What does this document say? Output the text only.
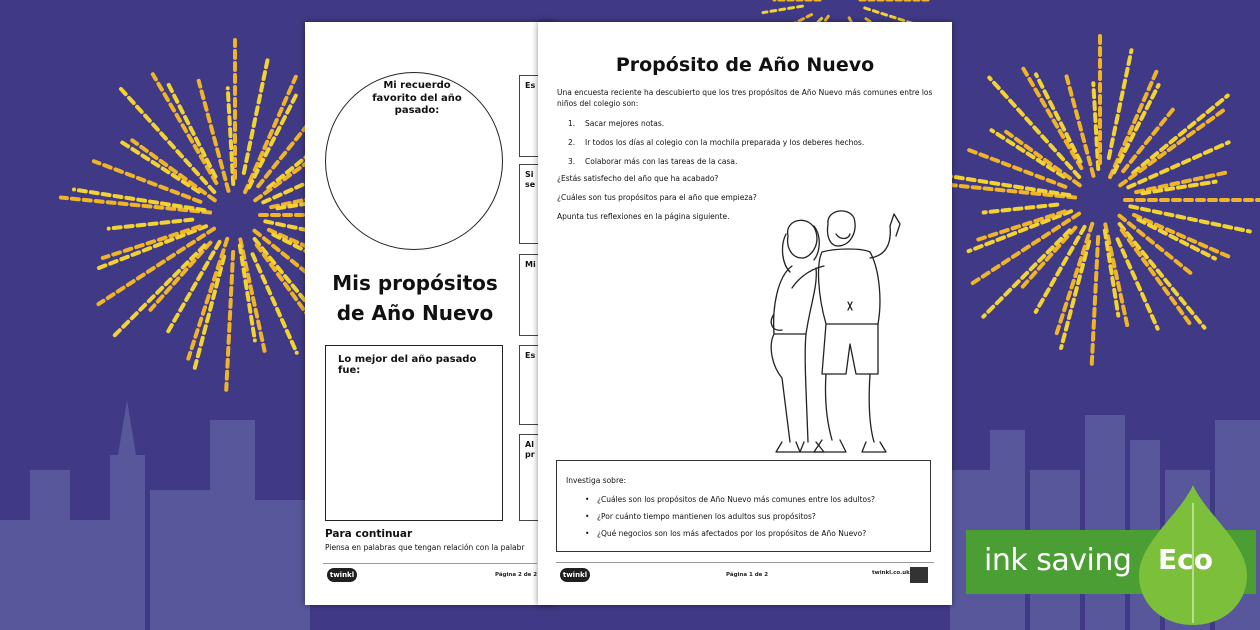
Mi recuerdo favorito del año pasado:
Mis propósitos
de Año Nuevo
Lo mejor del año pasado fue:
Es
Si
se
Mi
Es
Al
pr
Para continuar
Piensa en palabras que tengan relación con la palabr
twinkl	Página 2 de 2
Propósito de Año Nuevo
Una encuesta reciente ha descubierto que los tres propósitos de Año Nuevo más comunes entre los niños del colegio son:
1. Sacar mejores notas.
2. Ir todos los días al colegio con la mochila preparada y los deberes hechos.
3. Colaborar más con las tareas de la casa.
¿Estás satisfecho del año que ha acabado?
¿Cuáles son tus propósitos para el año que empieza?
Apunta tus reflexiones en la página siguiente.
Investiga sobre:
• ¿Cuáles son los propósitos de Año Nuevo más comunes entre los adultos?
• ¿Por cuánto tiempo mantienen los adultos sus propósitos?
• ¿Qué negocios son los más afectados por los propósitos de Año Nuevo?
twinkl	Página 1 de 2	twinkl.co.uk ink saving Eco
